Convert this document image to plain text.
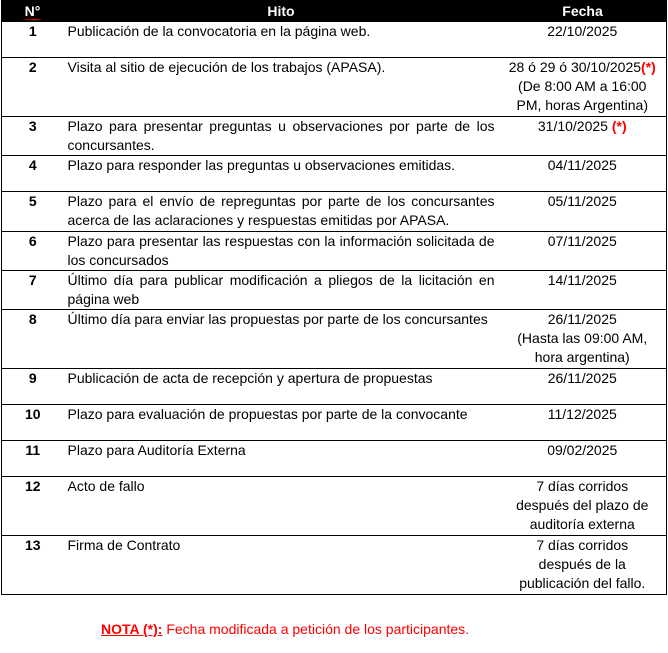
N°	Hito	Fecha
1	Publicación de la convocatoria en la página web.	22/10/2025

2	Visita al sitio de ejecución de los trabajos (APASA).	28 ó 29 ó 30/10/2025(*)
(De 8:00 AM a 16:00
PM, horas Argentina)

3	Plazo para presentar preguntas u observaciones por parte de los concursantes.	31/10/2025 (*)

4	Plazo para responder las preguntas u observaciones emitidas.	04/11/2025

5	Plazo para el envío de repreguntas por parte de los concursantes acerca de las aclaraciones y respuestas emitidas por APASA.	05/11/2025

6	Plazo para presentar las respuestas con la información solicitada de los concursados	07/11/2025

7	Último día para publicar modificación a pliegos de la licitación en página web	14/11/2025

8	Último día para enviar las propuestas por parte de los concursantes	26/11/2025
(Hasta las 09:00 AM,
hora argentina)

9	Publicación de acta de recepción y apertura de propuestas	26/11/2025

10	Plazo para evaluación de propuestas por parte de la convocante	11/12/2025

11	Plazo para Auditoría Externa	09/02/2025

12	Acto de fallo	7 días corridos
después del plazo de
auditoría externa

13	Firma de Contrato	7 días corridos
después de la
publicación del fallo.
NOTA (*): Fecha modificada a petición de los participantes.
